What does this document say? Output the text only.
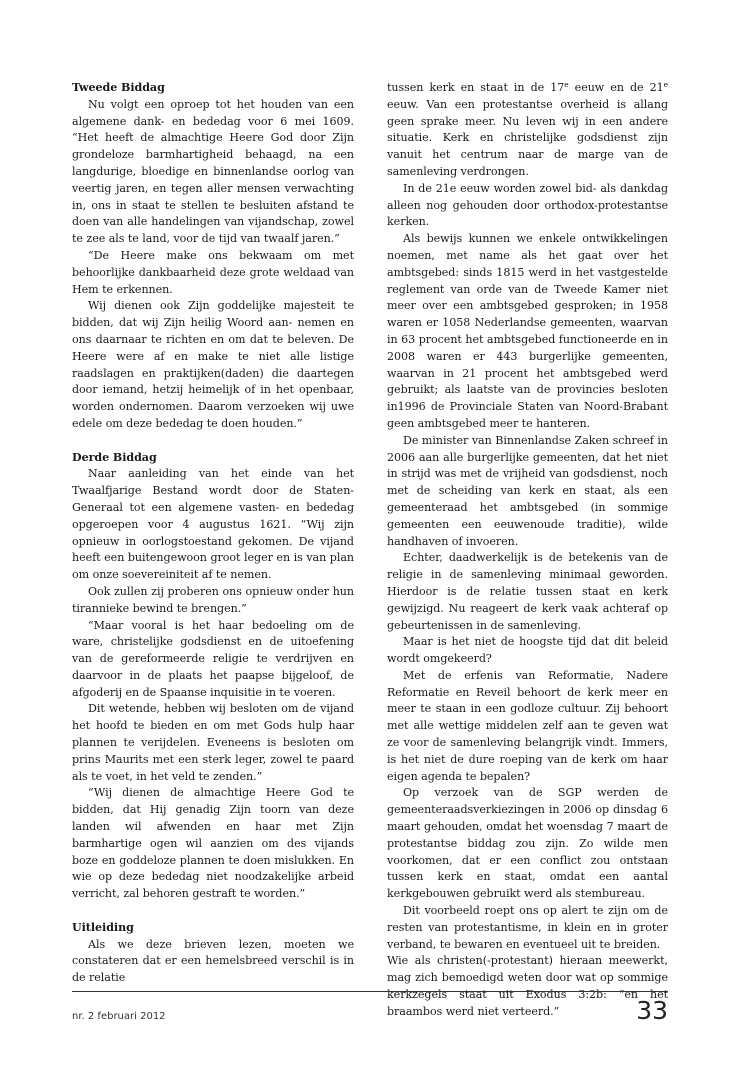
Tweede Biddag

Nu volgt een oproep tot het houden van een algemene dank- en bededag voor 6 mei 1609. “Het heeft de almachtige Heere God door Zijn grondeloze barmhartigheid behaagd, na een langdurige, bloedige en binnenlandse oorlog van veertig jaren, en tegen aller mensen verwachting in, ons in staat te stellen te besluiten afstand te doen van alle handelingen van vijandschap, zowel te zee als te land, voor de tijd van twaalf jaren.”

“De Heere make ons bekwaam om met behoorlijke dankbaarheid deze grote weldaad van Hem te erkennen.

Wij dienen ook Zijn goddelijke majesteit te bidden, dat wij Zijn heilig Woord aan- nemen en ons daarnaar te richten en om dat te beleven. De Heere were af en make te niet alle listige raadslagen en praktijken(daden) die daartegen door iemand, hetzij heimelijk of in het openbaar, worden ondernomen. Daarom verzoeken wij uwe edele om deze bededag te doen houden.”

Derde Biddag

Naar aanleiding van het einde van het Twaalfjarige Bestand wordt door de Staten-Generaal tot een algemene vasten- en bededag opgeroepen voor 4 augustus 1621. “Wij zijn opnieuw in oorlogstoestand gekomen. De vijand heeft een buitengewoon groot leger en is van plan om onze soevereiniteit af te nemen.

Ook zullen zij proberen ons opnieuw onder hun tirannieke bewind te brengen.”

“Maar vooral is het haar bedoeling om de ware, christelijke godsdienst en de uitoefening van de gereformeerde religie te verdrijven en daarvoor in de plaats het paapse bijgeloof, de afgoderij en de Spaanse inquisitie in te voeren.

Dit wetende, hebben wij besloten om de vijand het hoofd te bieden en om met Gods hulp haar plannen te verijdelen. Eveneens is besloten om prins Maurits met een sterk leger, zowel te paard als te voet, in het veld te zenden.”

“Wij dienen de almachtige Heere God te bidden, dat Hij genadig Zijn toorn van deze landen wil afwenden en haar met Zijn barmhartige ogen wil aanzien om des vijands boze en goddeloze plannen te doen mislukken. En wie op deze bededag niet noodzakelijke arbeid verricht, zal behoren gestraft te worden.”

Uitleiding

Als we deze brieven lezen, moeten we constateren dat er een hemelsbreed verschil is in de relatie

tussen kerk en staat in de 17e eeuw en de 21e eeuw. Van een protestantse overheid is allang geen sprake meer. Nu leven wij in een andere situatie. Kerk en christelijke godsdienst zijn vanuit het centrum naar de marge van de samenleving verdrongen.

In de 21e eeuw worden zowel bid- als dankdag alleen nog gehouden door orthodox-protestantse kerken.

Als bewijs kunnen we enkele ontwikkelingen noemen, met name als het gaat over het ambtsgebed: sinds 1815 werd in het vastgestelde reglement van orde van de Tweede Kamer niet meer over een ambtsgebed gesproken; in 1958 waren er 1058 Nederlandse gemeenten, waarvan in 63 procent het ambtsgebed functioneerde en in 2008 waren er 443 burgerlijke gemeenten, waarvan in 21 procent het ambtsgebed werd gebruikt; als laatste van de provincies besloten in1996 de Provinciale Staten van Noord-Brabant geen ambtsgebed meer te hanteren.

De minister van Binnenlandse Zaken schreef in 2006 aan alle burgerlijke gemeenten, dat het niet in strijd was met de vrijheid van godsdienst, noch met de scheiding van kerk en staat, als een gemeenteraad het ambtsgebed (in sommige gemeenten een eeuwenoude traditie), wilde handhaven of invoeren.

Echter, daadwerkelijk is de betekenis van de religie in de samenleving minimaal geworden. Hierdoor is de relatie tussen staat en kerk gewijzigd. Nu reageert de kerk vaak achteraf op gebeurtenissen in de samenleving.

Maar is het niet de hoogste tijd dat dit beleid wordt omgekeerd?

Met de erfenis van Reformatie, Nadere Reformatie en Reveil behoort de kerk meer en meer te staan in een godloze cultuur. Zij behoort met alle wettige middelen zelf aan te geven wat ze voor de samenleving belangrijk vindt. Immers, is het niet de dure roeping van de kerk om haar eigen agenda te bepalen?

Op verzoek van de SGP werden de gemeenteraadsverkiezingen in 2006 op dinsdag 6 maart gehouden, omdat het woensdag 7 maart de protestantse biddag zou zijn. Zo wilde men voorkomen, dat er een conflict zou ontstaan tussen kerk en staat, omdat een aantal kerkgebouwen gebruikt werd als stembureau.

Dit voorbeeld roept ons op alert te zijn om de resten van protestantisme, in klein en in groter verband, te bewaren en eventueel uit te breiden.

Wie als christen(-protestant) hieraan meewerkt, mag zich bemoedigd weten door wat op sommige kerkzegels staat uit Exodus 3:2b: “en het braambos werd niet verteerd.”

nr. 2 februari 2012	33
